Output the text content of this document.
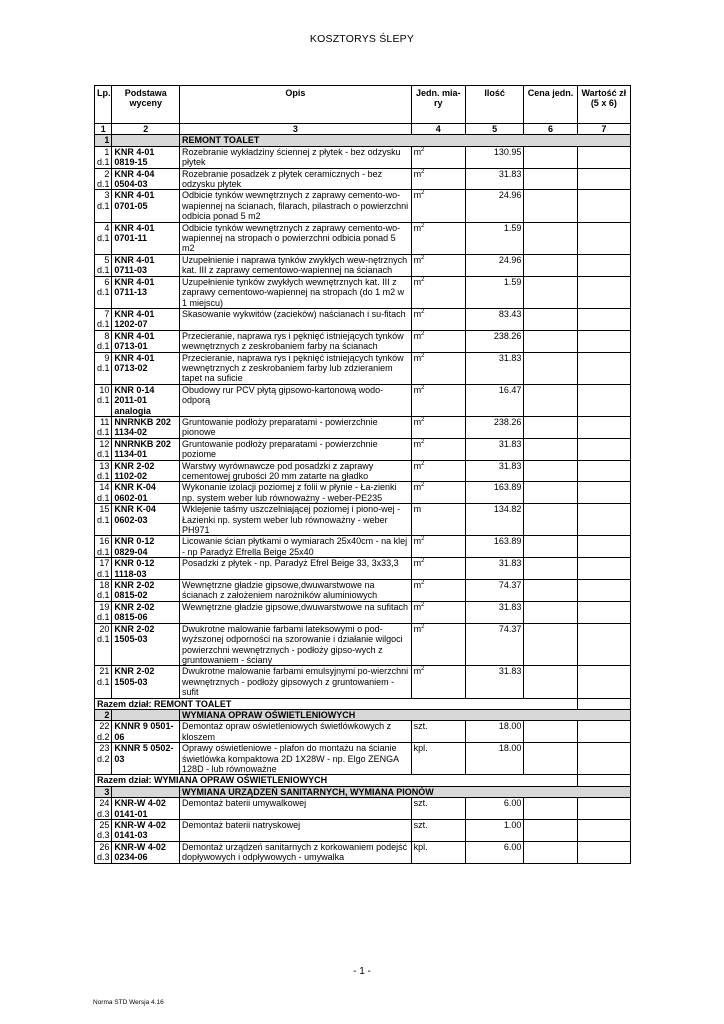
KOSZTORYS ŚLEPY
Lp.	Podstawa wyceny	Opis	Jedn. mia-ry	Ilość	Cena jedn.	Wartość zł (5 x 6)
1	2	3	4	5	6	7
1		REMONT TOALET				
1 d.1	KNR 4-01 0819-15	Rozebranie wykładziny ściennej z płytek - bez odzysku płytek	$m^2$	130.95		
2 d.1	KNR 4-04 0504-03	Rozebranie posadzek z płytek ceramicznych - bez odzysku płytek	$m^2$	31.83		
3 d.1	KNR 4-01 0701-05	Odbicie tynków wewnętrznych z zaprawy cemento-wo-wapiennej na ścianach, filarach, pilastrach o powierzchni odbicia ponad 5 m2	$m^2$	24.96		
4 d.1	KNR 4-01 0701-11	Odbicie tynków wewnętrznych z zaprawy cemento-wo-wapiennej na stropach o powierzchni odbicia ponad 5 m2	$m^2$	1.59		
5 d.1	KNR 4-01 0711-03	Uzupełnienie i naprawa tynków zwykłych wew-nętrznych kat. III z zaprawy cementowo-wapiennej na ścianach	$m^2$	24.96		
6 d.1	KNR 4-01 0711-13	Uzupełnienie tynków zwykłych wewnętrznych kat. III z zaprawy cementowo-wapiennej na stropach (do 1 m2 w 1 miejscu)	$m^2$	1.59		
7 d.1	KNR 4-01 1202-07	Skasowanie wykwitów (zacieków) naścianach i su-fitach	$m^2$	83.43		
8 d.1	KNR 4-01 0713-01	Przecieranie, naprawa rys i pęknięć istniejących tynków wewnętrznych z zeskrobaniem farby na ścianach	$m^2$	238.26		
9 d.1	KNR 4-01 0713-02	Przecieranie, naprawa rys i pęknięć istniejących tynków wewnętrznych z zeskrobaniem farby lub zdzieraniem tapet na suficie	$m^2$	31.83		
10 d.1	KNR 0-14 2011-01 analogia	Obudowy rur PCV płytą gipsowo-kartonową wodo-odporą	$m^2$	16.47		
11 d.1	NNRNKB 202 1134-02	Gruntowanie podłoży preparatami - powierzchnie pionowe	$m^2$	238.26		
12 d.1	NNRNKB 202 1134-01	Gruntowanie podłoży preparatami - powierzchnie poziome	$m^2$	31.83		
13 d.1	KNR 2-02 1102-02	Warstwy wyrównawcze pod posadzki z zaprawy cementowej grubości 20 mm zatarte na gładko	$m^2$	31.83		
14 d.1	KNR K-04 0602-01	Wykonanie izolacji poziomej z folii w płynie - Ła-zienki np. system weber lub równoważny - weber-PE235	$m^2$	163.89		
15 d.1	KNR K-04 0602-03	Wklejenie taśmy uszczelniającej poziomej i piono-wej - Łazienki np. system weber lub równoważny - weber PH971	m	134.82		
16 d.1	KNR 0-12 0829-04	Licowanie ścian płytkami o wymiarach 25x40cm - na klej - np Paradyż Efrella Beige 25x40	$m^2$	163.89		
17 d.1	KNR 0-12 1118-03	Posadzki z płytek - np. Paradyż Efrel Beige 33, 3x33,3	$m^2$	31.83		
18 d.1	KNR 2-02 0815-02	Wewnętrzne gładzie gipsowe,dwuwarstwowe na ścianach z założeniem narożników aluminiowych	$m^2$	74.37		
19 d.1	KNR 2-02 0815-06	Wewnętrzne gładzie gipsowe,dwuwarstwowe na sufitach	$m^2$	31.83		
20 d.1	KNR 2-02 1505-03	Dwukrotne malowanie farbami lateksowymi o pod-wyższonej odporności na szorowanie i działanie wilgoci powierzchni wewnętrznych - podłoży gipso-wych z gruntowaniem - ściany	$m^2$	74.37		
21 d.1	KNR 2-02 1505-03	Dwukrotne malowanie farbami emulsyjnymi po-wierzchni wewnętrznych - podłoży gipsowych z gruntowaniem - sufit	$m^2$	31.83		
Razem dział: REMONT TOALET						
2		WYMIANA OPRAW OŚWIETLENIOWYCH				
22 d.2	KNNR 9 0501-06	Demontaż opraw oświetleniowych świetlówkowych z kloszem	szt.	18.00		
23 d.2	KNNR 5 0502-03	Oprawy oświetleniowe - plafon do montażu na ścianie świetlówka kompaktowa 2D 1X28W - np. Elgo ZENGA 128D - lub równoważne	kpl.	18.00		
Razem dział: WYMIANA OPRAW OŚWIETLENIOWYCH						
3		WYMIANA URZĄDZEŃ SANITARNYCH, WYMIANA PIONÓW				
24 d.3	KNR-W 4-02 0141-01	Demontaż baterii umywalkowej	szt.	6.00		
25 d.3	KNR-W 4-02 0141-03	Demontaż baterii natryskowej	szt.	1.00		
26 d.3	KNR-W 4-02 0234-06	Demontaż urządzeń sanitarnych z korkowaniem podejść dopływowych i odpływowych - umywalka	kpl.	6.00		
- 1 -
Norma STD Wersja 4.16
